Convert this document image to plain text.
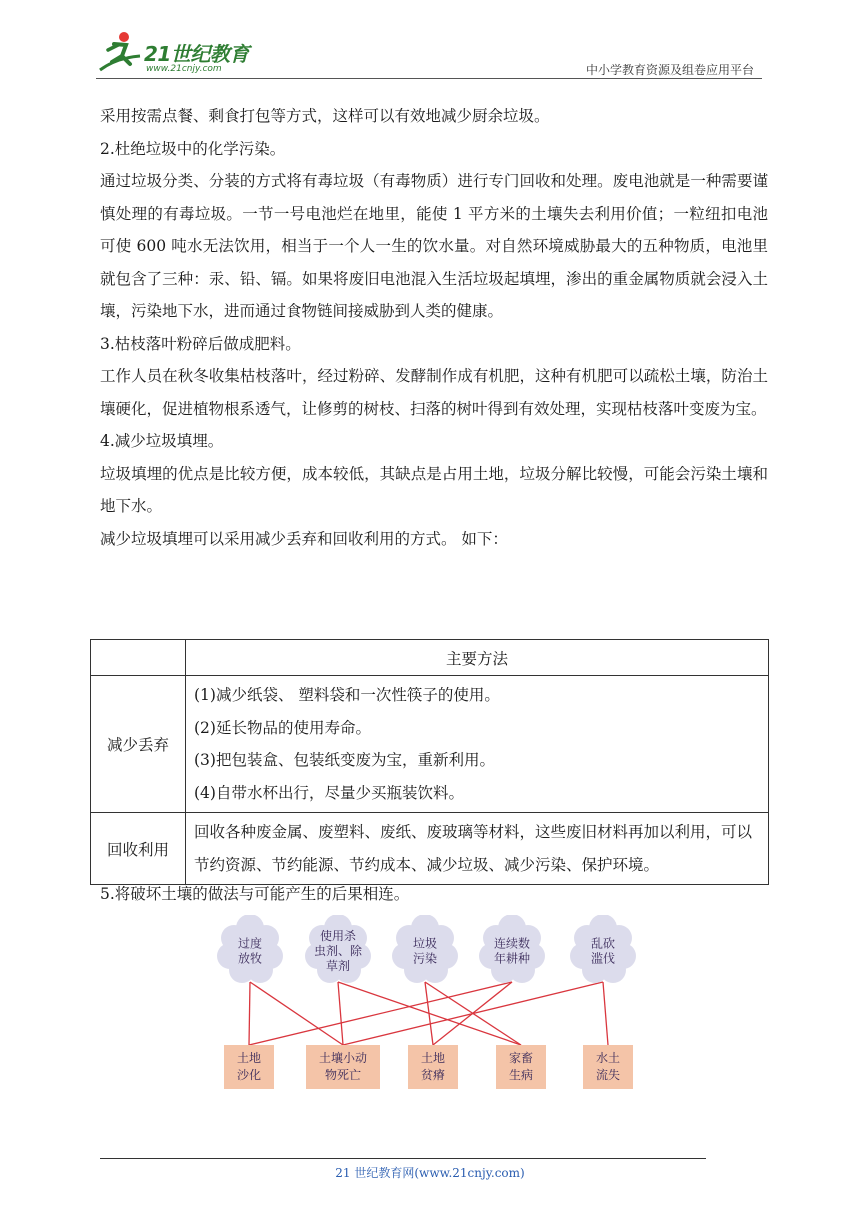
21世纪教育
www.21cnjy.com	中小学教育资源及组卷应用平台

采用按需点餐、剩食打包等方式，这样可以有效地减少厨余垃圾。

2.杜绝垃圾中的化学污染。

通过垃圾分类、分装的方式将有毒垃圾（有毒物质）进行专门回收和处理。废电池就是一种需要谨慎处理的有毒垃圾。一节一号电池烂在地里，能使 1 平方米的土壤失去利用价值；一粒纽扣电池可使 600 吨水无法饮用，相当于一个人一生的饮水量。对自然环境威胁最大的五种物质，电池里就包含了三种：汞、铅、镉。如果将废旧电池混入生活垃圾起填埋，渗出的重金属物质就会浸入土壤，污染地下水，进而通过食物链间接威胁到人类的健康。

3.枯枝落叶粉碎后做成肥料。

工作人员在秋冬收集枯枝落叶，经过粉碎、发酵制作成有机肥，这种有机肥可以疏松土壤，防治土壤硬化，促进植物根系透气，让修剪的树枝、扫落的树叶得到有效处理，实现枯枝落叶变废为宝。

4.减少垃圾填埋。

垃圾填埋的优点是比较方便，成本较低，其缺点是占用土地，垃圾分解比较慢，可能会污染土壤和地下水。

减少垃圾填埋可以采用减少丢弃和回收利用的方式。 如下：

	主要方法
减少丢弃	(1)减少纸袋、 塑料袋和一次性筷子的使用。
(2)延长物品的使用寿命。
(3)把包装盒、包装纸变废为宝，重新利用。
(4)自带水杯出行，尽量少买瓶装饮料。

回收利用	回收各种废金属、废塑料、废纸、废玻璃等材料，这些废旧材料再加以利用，可以节约资源、节约能源、节约成本、减少垃圾、减少污染、保护环境。
5.将破坏土壤的做法与可能产生的后果相连。
过度
放牧
使用杀
虫剂、除
草剂
垃圾
污染
连续数
年耕种
乱砍
滥伐
土地
沙化
土壤小动
物死亡
土地
贫瘠
家畜
生病
水土
流失
21 世纪教育网(www.21cnjy.com)
